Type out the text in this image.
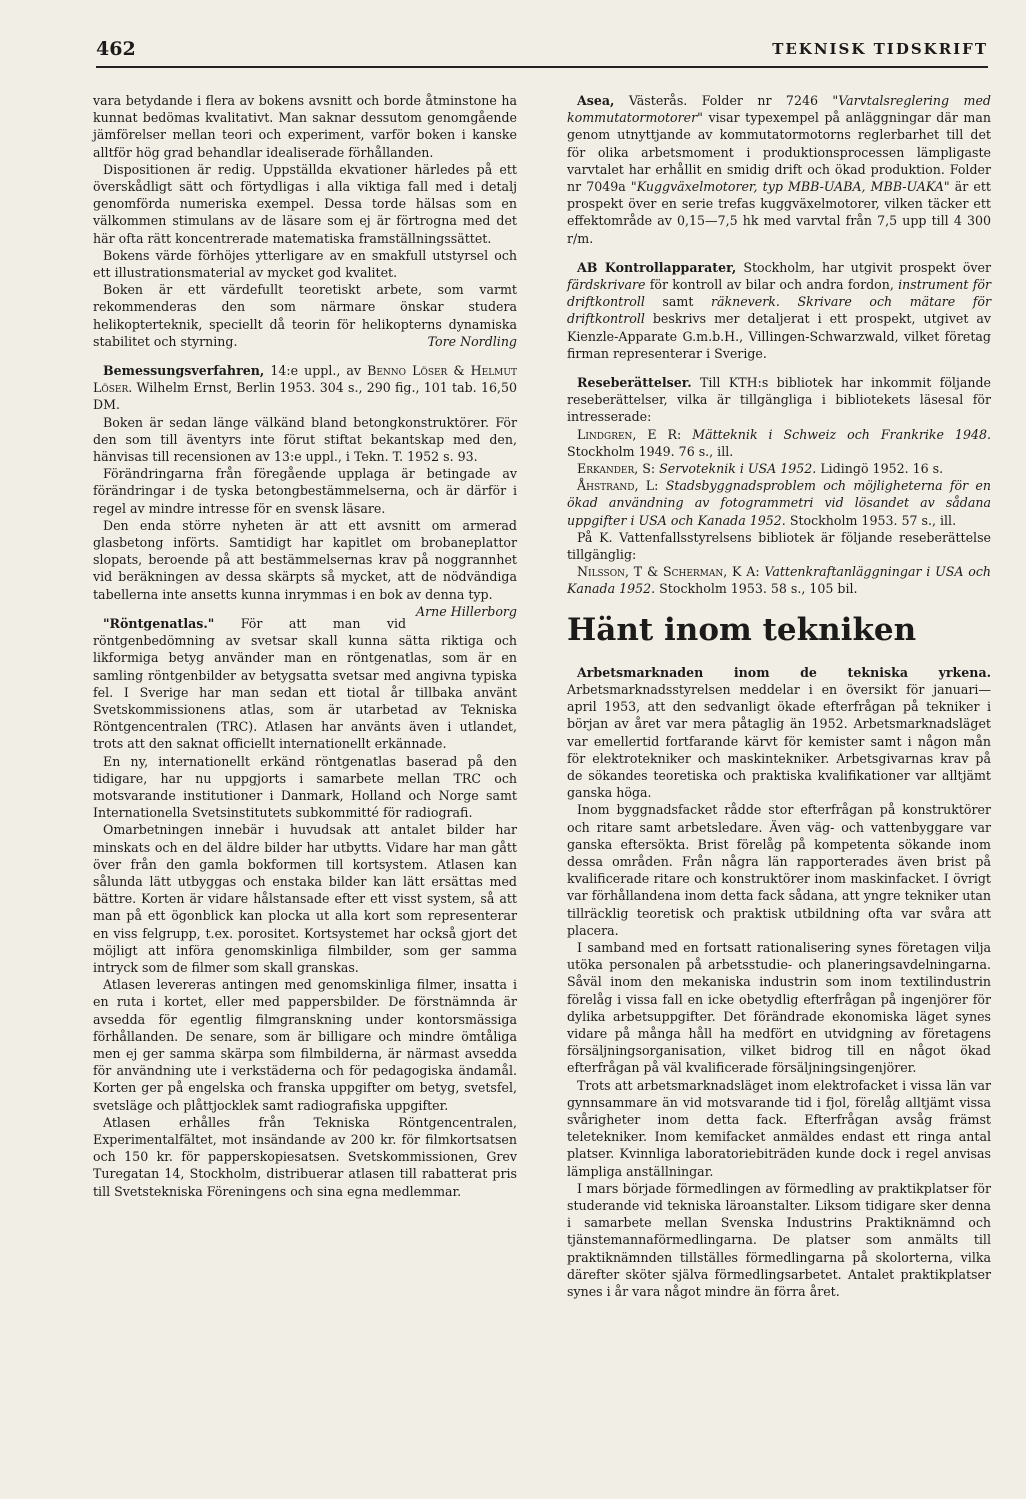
462	TEKNISK TIDSKRIFT

vara betydande i flera av bokens avsnitt och borde åtminstone ha kunnat bedömas kvalitativt. Man saknar dessutom genomgående jämförelser mellan teori och experiment, varför boken i kanske alltför hög grad behandlar idealiserade förhållanden.

Dispositionen är redig. Uppställda ekvationer härledes på ett överskådligt sätt och förtydligas i alla viktiga fall med i detalj genomförda numeriska exempel. Dessa torde hälsas som en välkommen stimulans av de läsare som ej är förtrogna med det här ofta rätt koncentrerade matematiska framställningssättet.

Bokens värde förhöjes ytterligare av en smakfull utstyrsel och ett illustrationsmaterial av mycket god kvalitet.

Boken är ett värdefullt teoretiskt arbete, som varmt rekommenderas den som närmare önskar studera helikopterteknik, speciellt då teorin för helikopterns dynamiska stabilitet och styrning.	Tore Nordling

Bemessungsverfahren, 14:e uppl., av Benno Löser & Helmut Löser. Wilhelm Ernst, Berlin 1953. 304 s., 290 fig., 101 tab. 16,50 DM.

Boken är sedan länge välkänd bland betongkonstruktörer. För den som till äventyrs inte förut stiftat bekantskap med den, hänvisas till recensionen av 13:e uppl., i Tekn. T. 1952 s. 93.

Förändringarna från föregående upplaga är betingade av förändringar i de tyska betongbestämmelserna, och är därför i regel av mindre intresse för en svensk läsare.

Den enda större nyheten är att ett avsnitt om armerad glasbetong införts. Samtidigt har kapitlet om brobaneplattor slopats, beroende på att bestämmelsernas krav på noggrannhet vid beräkningen av dessa skärpts så mycket, att de nödvändiga tabellerna inte ansetts kunna inrymmas i en bok av denna typ.
Arne Hillerborg

"Röntgenatlas." För att man vid röntgenbedömning av svetsar skall kunna sätta riktiga och likformiga betyg använder man en röntgenatlas, som är en samling röntgenbilder av betygsatta svetsar med angivna typiska fel. I Sverige har man sedan ett tiotal år tillbaka använt Svetskommissionens atlas, som är utarbetad av Tekniska Röntgencentralen (TRC). Atlasen har använts även i utlandet, trots att den saknat officiellt internationellt erkännade.

En ny, internationellt erkänd röntgenatlas baserad på den tidigare, har nu uppgjorts i samarbete mellan TRC och motsvarande institutioner i Danmark, Holland och Norge samt Internationella Svetsinstitutets subkommitté för radiografi.

Omarbetningen innebär i huvudsak att antalet bilder har minskats och en del äldre bilder har utbytts. Vidare har man gått över från den gamla bokformen till kortsystem. Atlasen kan sålunda lätt utbyggas och enstaka bilder kan lätt ersättas med bättre. Korten är vidare hålstansade efter ett visst system, så att man på ett ögonblick kan plocka ut alla kort som representerar en viss felgrupp, t.ex. porositet. Kortsystemet har också gjort det möjligt att införa genomskinliga filmbilder, som ger samma intryck som de filmer som skall granskas.

Atlasen levereras antingen med genomskinliga filmer, insatta i en ruta i kortet, eller med pappersbilder. De förstnämnda är avsedda för egentlig filmgranskning under kontorsmässiga förhållanden. De senare, som är billigare och mindre ömtåliga men ej ger samma skärpa som filmbilderna, är närmast avsedda för användning ute i verkstäderna och för pedagogiska ändamål. Korten ger på engelska och franska uppgifter om betyg, svetsfel, svetsläge och plåttjocklek samt radiografiska uppgifter.

Atlasen erhålles från Tekniska Röntgencentralen, Experimentalfältet, mot insändande av 200 kr. för filmkortsatsen och 150 kr. för papperskopiesatsen. Svetskommissionen, Grev Turegatan 14, Stockholm, distribuerar atlasen till rabatterat pris till Svetstekniska Föreningens och sina egna medlemmar.

Asea, Västerås. Folder nr 7246 "Varvtalsreglering med kommutatormotorer" visar typexempel på anläggningar där man genom utnyttjande av kommutatormotorns reglerbarhet till det för olika arbetsmoment i produktionsprocessen lämpligaste varvtalet har erhållit en smidig drift och ökad produktion. Folder nr 7049a "Kuggväxelmotorer, typ MBB-UABA, MBB-UAKA" är ett prospekt över en serie trefas kuggväxelmotorer, vilken täcker ett effektområde av 0,15—7,5 hk med varvtal från 7,5 upp till 4 300 r/m.

AB Kontrollapparater, Stockholm, har utgivit prospekt över färdskrivare för kontroll av bilar och andra fordon, instrument för driftkontroll samt räkneverk. Skrivare och mätare för driftkontroll beskrivs mer detaljerat i ett prospekt, utgivet av Kienzle-Apparate G.m.b.H., Villingen-Schwarzwald, vilket företag firman representerar i Sverige.

Reseberättelser. Till KTH:s bibliotek har inkommit följande reseberättelser, vilka är tillgängliga i bibliotekets läsesal för intresserade:

Lindgren, E R: Mätteknik i Schweiz och Frankrike 1948. Stockholm 1949. 76 s., ill.

Erkander, S: Servoteknik i USA 1952. Lidingö 1952. 16 s.

Åhstrand, L: Stadsbyggnadsproblem och möjligheterna för en ökad användning av fotogrammetri vid lösandet av sådana uppgifter i USA och Kanada 1952. Stockholm 1953. 57 s., ill.

På K. Vattenfallsstyrelsens bibliotek är följande reseberättelse tillgänglig:

Nilsson, T & Scherman, K A: Vattenkraftanläggningar i USA och Kanada 1952. Stockholm 1953. 58 s., 105 bil.

Hänt inom tekniken

Arbetsmarknaden inom de tekniska yrkena. Arbetsmarknadsstyrelsen meddelar i en översikt för januari—april 1953, att den sedvanligt ökade efterfrågan på tekniker i början av året var mera påtaglig än 1952. Arbetsmarknadsläget var emellertid fortfarande kärvt för kemister samt i någon mån för elektrotekniker och maskintekniker. Arbetsgivarnas krav på de sökandes teoretiska och praktiska kvalifikationer var alltjämt ganska höga.

Inom byggnadsfacket rådde stor efterfrågan på konstruktörer och ritare samt arbetsledare. Även väg- och vattenbyggare var ganska eftersökta. Brist förelåg på kompetenta sökande inom dessa områden. Från några län rapporterades även brist på kvalificerade ritare och konstruktörer inom maskinfacket. I övrigt var förhållandena inom detta fack sådana, att yngre tekniker utan tillräcklig teoretisk och praktisk utbildning ofta var svåra att placera.

I samband med en fortsatt rationalisering synes företagen vilja utöka personalen på arbetsstudie- och planeringsavdelningarna. Såväl inom den mekaniska industrin som inom textilindustrin förelåg i vissa fall en icke obetydlig efterfrågan på ingenjörer för dylika arbetsuppgifter. Det förändrade ekonomiska läget synes vidare på många håll ha medfört en utvidgning av företagens försäljningsorganisation, vilket bidrog till en något ökad efterfrågan på väl kvalificerade försäljningsingenjörer.

Trots att arbetsmarknadsläget inom elektrofacket i vissa län var gynnsammare än vid motsvarande tid i fjol, förelåg alltjämt vissa svårigheter inom detta fack. Efterfrågan avsåg främst teletekniker. Inom kemifacket anmäldes endast ett ringa antal platser. Kvinnliga laboratoriebiträden kunde dock i regel anvisas lämpliga anställningar.

I mars började förmedlingen av förmedling av praktikplatser för studerande vid tekniska läroanstalter. Liksom tidigare sker denna i samarbete mellan Svenska Industrins Praktiknämnd och tjänstemannaförmedlingarna. De platser som anmälts till praktiknämnden tillställes förmedlingarna på skolorterna, vilka därefter sköter själva förmedlingsarbetet. Antalet praktikplatser synes i år vara något mindre än förra året.
